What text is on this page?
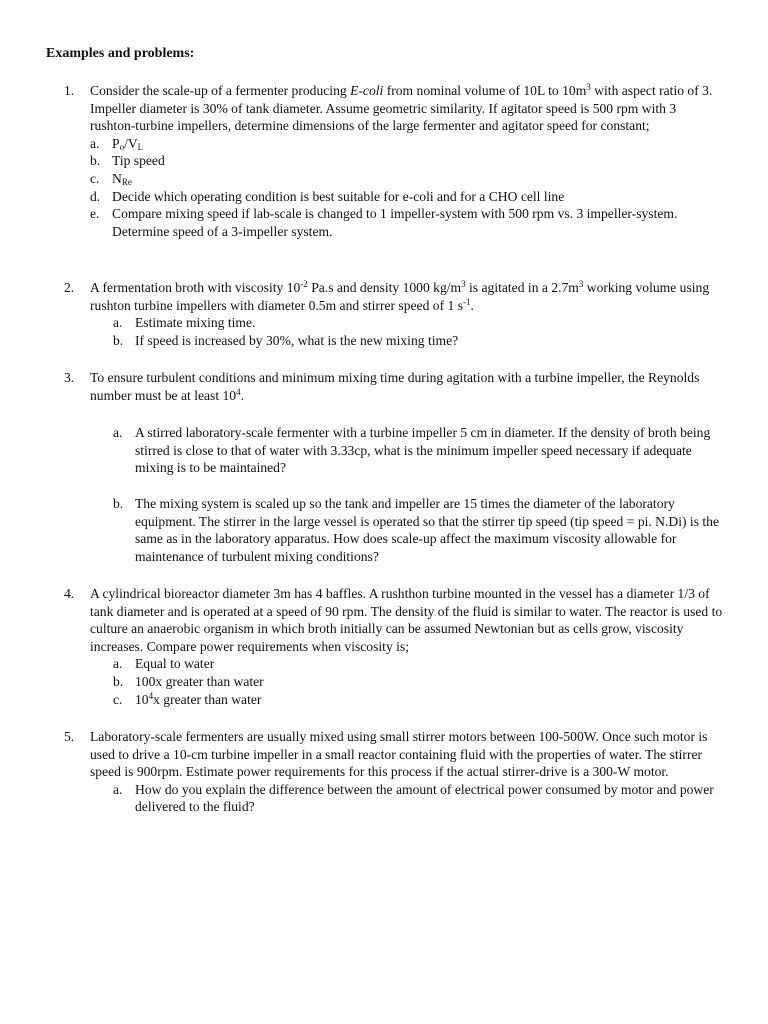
Examples and problems:
1.	Consider the scale-up of a fermenter producing E-coli from nominal volume of 10L to $10m^3$ with aspect ratio of 3. Impeller diameter is 30% of tank diameter. Assume geometric similarity. If agitator speed is 500 rpm with 3 rushton-turbine impellers, determine dimensions of the large fermenter and agitator speed for constant;

a. $P_o/V_L$
b. Tip speed
c. $N_{Re}$
d. Decide which operating condition is best suitable for e-coli and for a CHO cell line
e. Compare mixing speed if lab-scale is changed to 1 impeller-system with 500 rpm vs. 3 impeller-system. Determine speed of a 3-impeller system.
2.	A fermentation broth with viscosity $10^{-2}$ Pa.s and density 1000 $kg/m^3$ is agitated in a $2.7m^3$ working volume using rushton turbine impellers with diameter 0.5m and stirrer speed of 1 $s^{-1}$.

a. Estimate mixing time.
b. If speed is increased by 30%, what is the new mixing time?
3.	To ensure turbulent conditions and minimum mixing time during agitation with a turbine impeller, the Reynolds number must be at least $10^4$.

a. A stirred laboratory-scale fermenter with a turbine impeller 5 cm in diameter. If the density of broth being stirred is close to that of water with 3.33cp, what is the minimum impeller speed necessary if adequate mixing is to be maintained?
b. The mixing system is scaled up so the tank and impeller are 15 times the diameter of the laboratory equipment. The stirrer in the large vessel is operated so that the stirrer tip speed (tip speed = pi. N.Di) is the same as in the laboratory apparatus. How does scale-up affect the maximum viscosity allowable for maintenance of turbulent mixing conditions?
4.	A cylindrical bioreactor diameter 3m has 4 baffles. A rushthon turbine mounted in the vessel has a diameter 1/3 of tank diameter and is operated at a speed of 90 rpm. The density of the fluid is similar to water. The reactor is used to culture an anaerobic organism in which broth initially can be assumed Newtonian but as cells grow, viscosity increases. Compare power requirements when viscosity is;

a. Equal to water
b. 100x greater than water
c. $10^4x$ greater than water
5.	Laboratory-scale fermenters are usually mixed using small stirrer motors between 100-500W. Once such motor is used to drive a 10-cm turbine impeller in a small reactor containing fluid with the properties of water. The stirrer speed is 900rpm. Estimate power requirements for this process if the actual stirrer-drive is a 300-W motor.

a. How do you explain the difference between the amount of electrical power consumed by motor and power delivered to the fluid?
